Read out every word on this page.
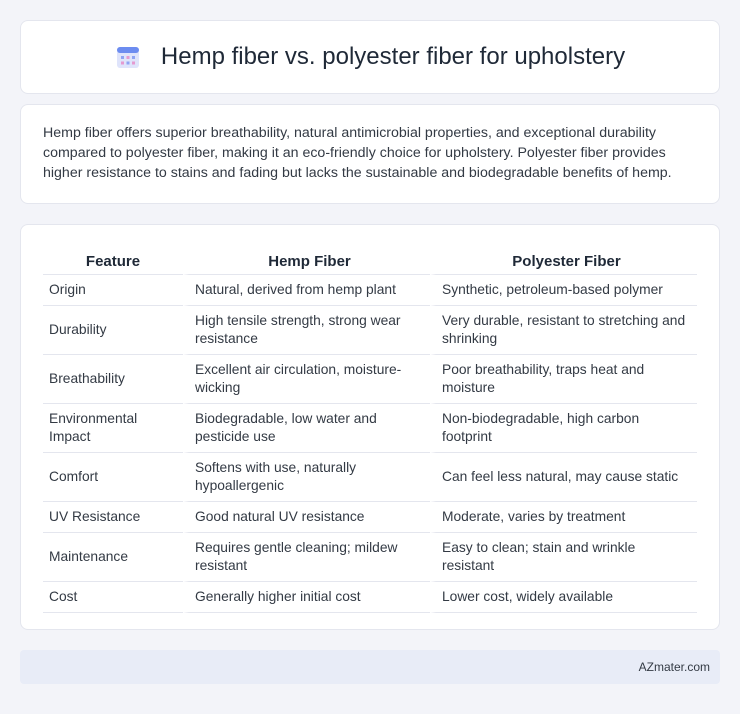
Hemp fiber vs. polyester fiber for upholstery

Hemp fiber offers superior breathability, natural antimicrobial properties, and exceptional durability compared to polyester fiber, making it an eco-friendly choice for upholstery. Polyester fiber provides higher resistance to stains and fading but lacks the sustainable and biodegradable benefits of hemp.

Feature	Hemp Fiber	Polyester Fiber
Origin	Natural, derived from hemp plant	Synthetic, petroleum-based polymer
Durability	High tensile strength, strong wear resistance	Very durable, resistant to stretching and shrinking
Breathability	Excellent air circulation, moisture-wicking	Poor breathability, traps heat and moisture
Environmental Impact	Biodegradable, low water and pesticide use	Non-biodegradable, high carbon footprint
Comfort	Softens with use, naturally hypoallergenic	Can feel less natural, may cause static
UV Resistance	Good natural UV resistance	Moderate, varies by treatment
Maintenance	Requires gentle cleaning; mildew resistant	Easy to clean; stain and wrinkle resistant
Cost	Generally higher initial cost	Lower cost, widely available
AZmater.com
